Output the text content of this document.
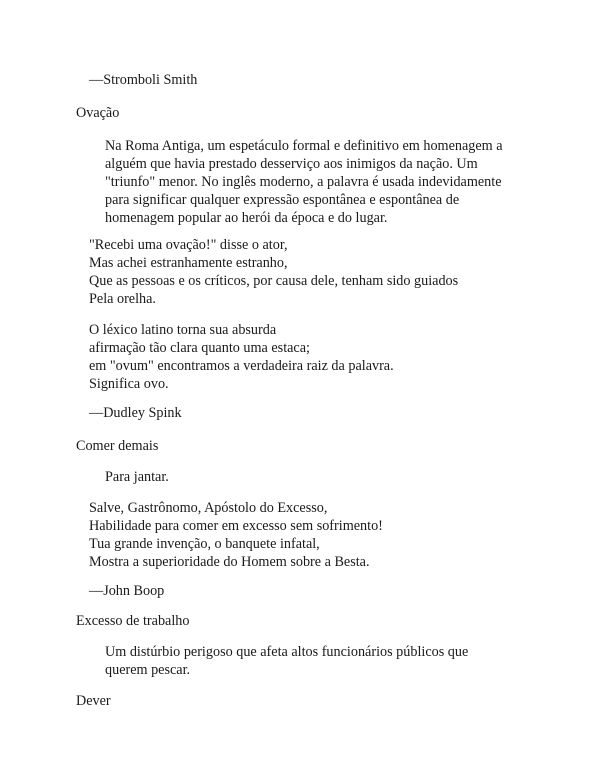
—Stromboli Smith
Ovação
Na Roma Antiga, um espetáculo formal e definitivo em homenagem a
alguém que havia prestado desserviço aos inimigos da nação. Um
"triunfo" menor. No inglês moderno, a palavra é usada indevidamente
para significar qualquer expressão espontânea e espontânea de
homenagem popular ao herói da época e do lugar.
"Recebi uma ovação!" disse o ator,
Mas achei estranhamente estranho,
Que as pessoas e os críticos, por causa dele, tenham sido guiados
Pela orelha.
O léxico latino torna sua absurda
afirmação tão clara quanto uma estaca;
em "ovum" encontramos a verdadeira raiz da palavra.
Significa ovo.
—Dudley Spink
Comer demais
Para jantar.
Salve, Gastrônomo, Apóstolo do Excesso,
Habilidade para comer em excesso sem sofrimento!
Tua grande invenção, o banquete infatal,
Mostra a superioridade do Homem sobre a Besta.
—John Boop
Excesso de trabalho
Um distúrbio perigoso que afeta altos funcionários públicos que
querem pescar.
Dever
